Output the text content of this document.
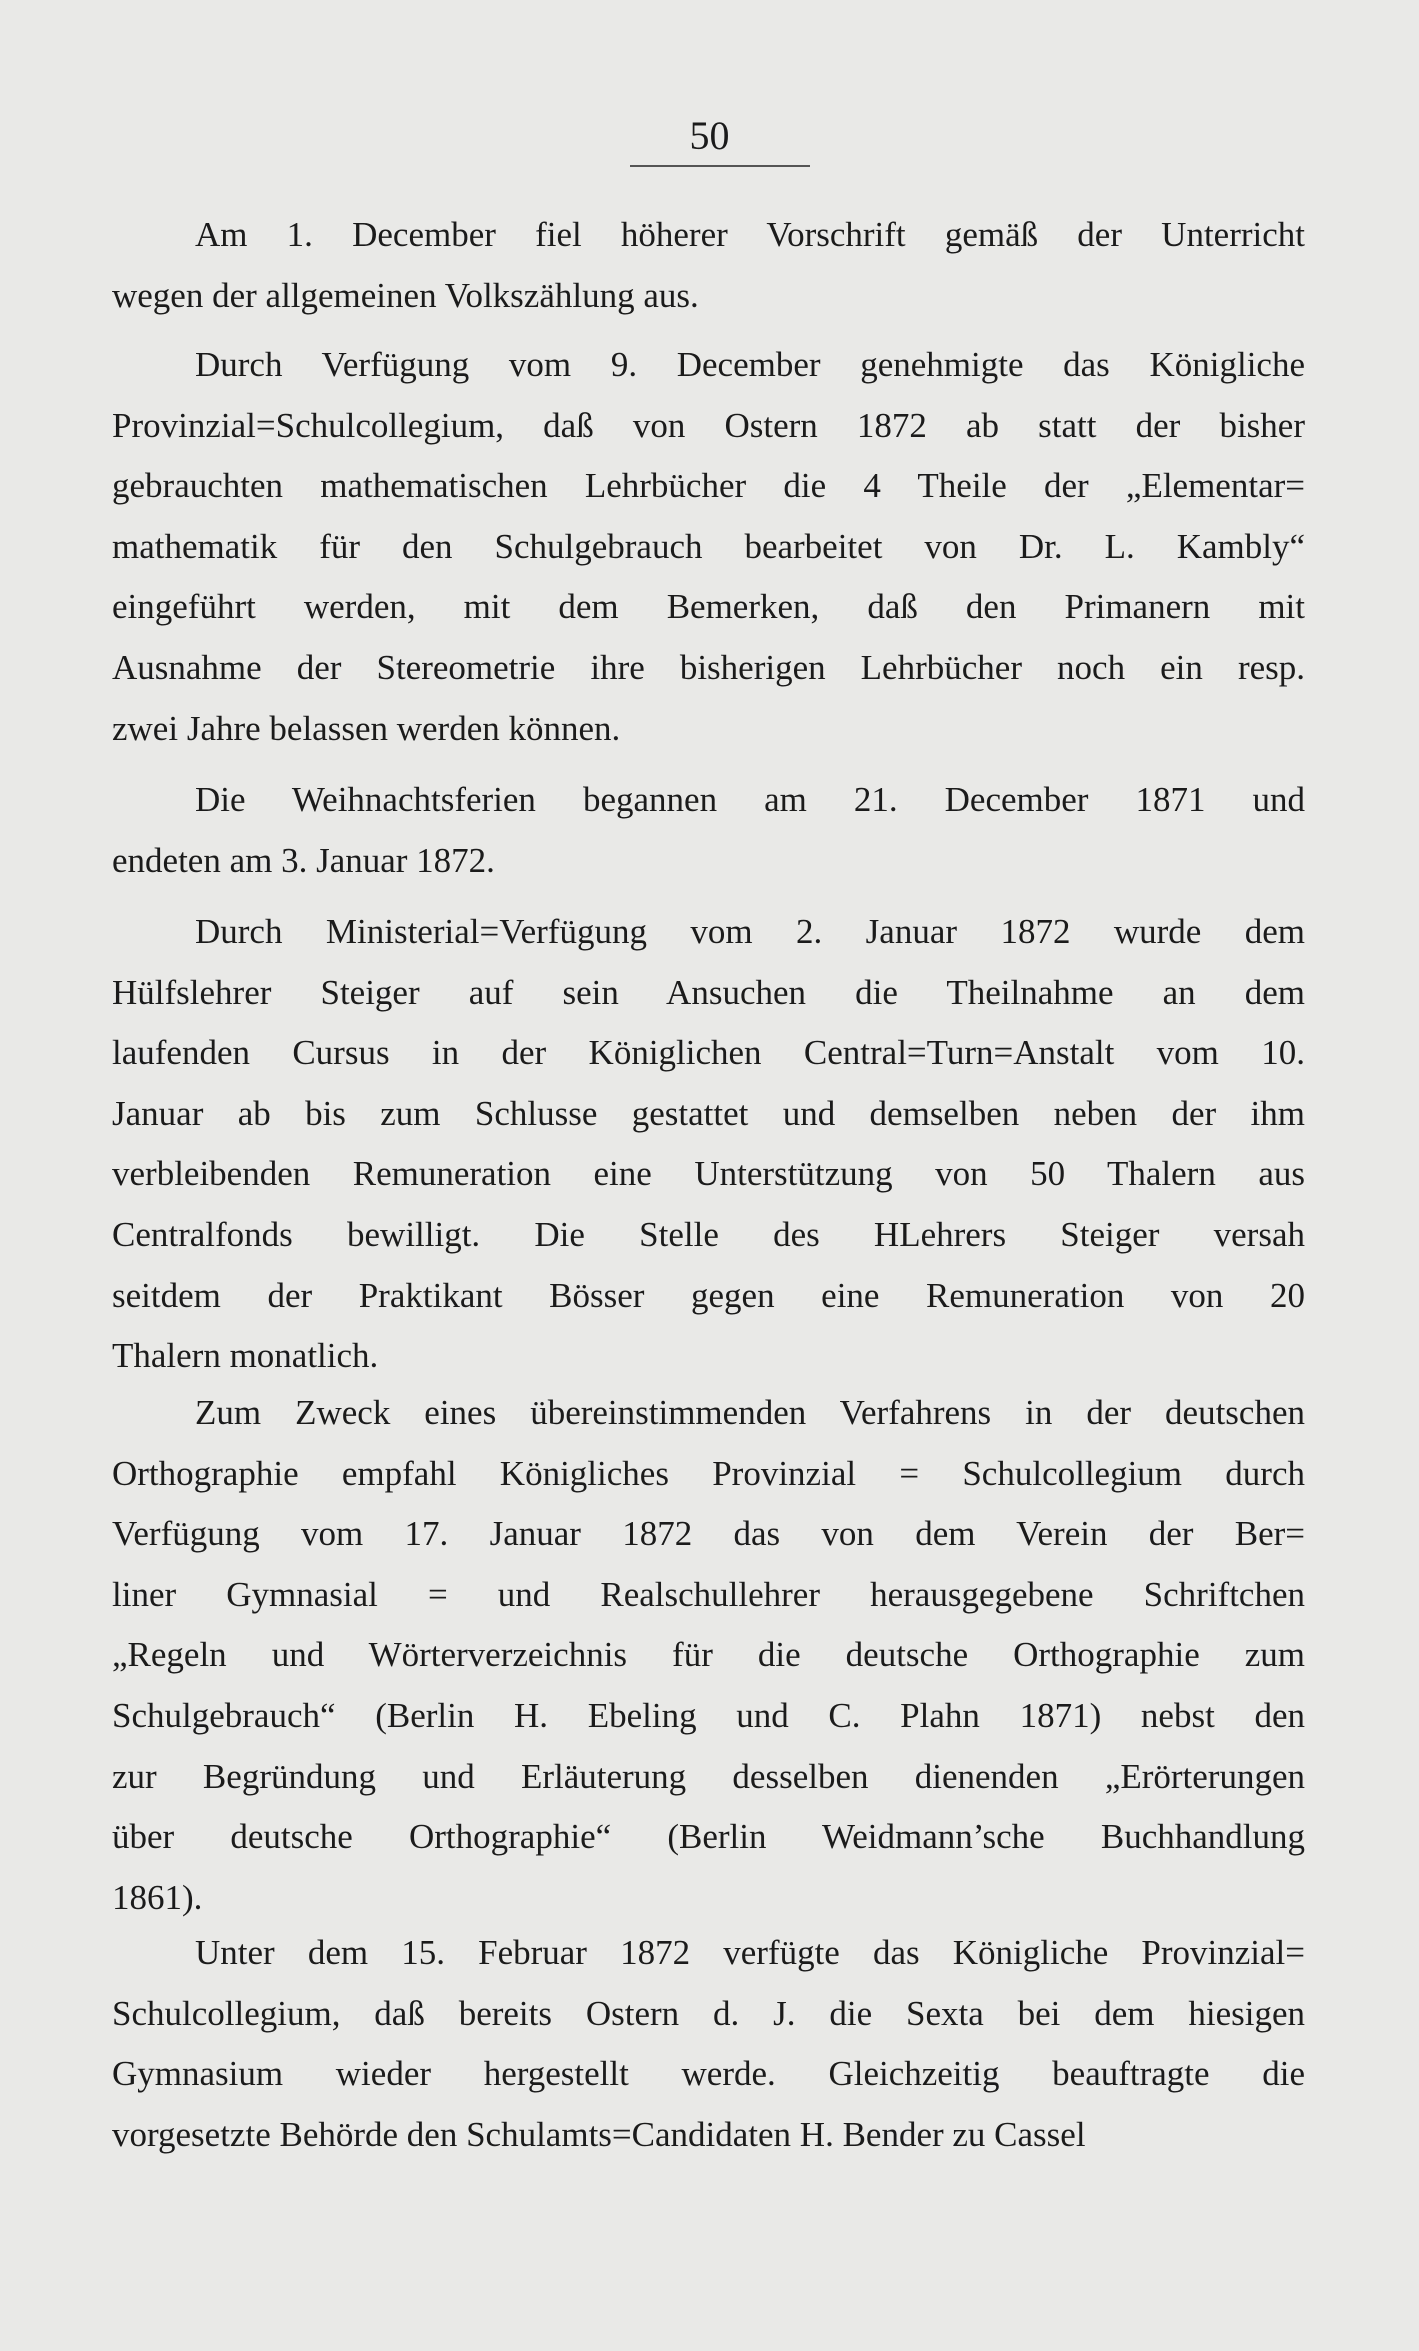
50
Am 1. December fiel höherer Vorschrift gemäß der Unterricht
wegen der allgemeinen Volkszählung aus.
Durch Verfügung vom 9. December genehmigte das Königliche
Provinzial=Schulcollegium, daß von Ostern 1872 ab statt der bisher
gebrauchten mathematischen Lehrbücher die 4 Theile der „Elementar=
mathematik für den Schulgebrauch bearbeitet von Dr. L. Kambly“
eingeführt werden, mit dem Bemerken, daß den Primanern mit
Ausnahme der Stereometrie ihre bisherigen Lehrbücher noch ein resp.
zwei Jahre belassen werden können.
Die Weihnachtsferien begannen am 21. December 1871 und
endeten am 3. Januar 1872.
Durch Ministerial=Verfügung vom 2. Januar 1872 wurde dem
Hülfslehrer Steiger auf sein Ansuchen die Theilnahme an dem
laufenden Cursus in der Königlichen Central=Turn=Anstalt vom 10.
Januar ab bis zum Schlusse gestattet und demselben neben der ihm
verbleibenden Remuneration eine Unterstützung von 50 Thalern aus
Centralfonds bewilligt. Die Stelle des HLehrers Steiger versah
seitdem der Praktikant Bösser gegen eine Remuneration von 20
Thalern monatlich.
Zum Zweck eines übereinstimmenden Verfahrens in der deutschen
Orthographie empfahl Königliches Provinzial = Schulcollegium durch
Verfügung vom 17. Januar 1872 das von dem Verein der Ber=
liner Gymnasial = und Realschullehrer herausgegebene Schriftchen
„Regeln und Wörterverzeichnis für die deutsche Orthographie zum
Schulgebrauch“ (Berlin H. Ebeling und C. Plahn 1871) nebst den
zur Begründung und Erläuterung desselben dienenden „Erörterungen
über deutsche Orthographie“ (Berlin Weidmann’sche Buchhandlung
1861).
Unter dem 15. Februar 1872 verfügte das Königliche Provinzial=
Schulcollegium, daß bereits Ostern d. J. die Sexta bei dem hiesigen
Gymnasium wieder hergestellt werde. Gleichzeitig beauftragte die
vorgesetzte Behörde den Schulamts=Candidaten H. Bender zu Cassel
